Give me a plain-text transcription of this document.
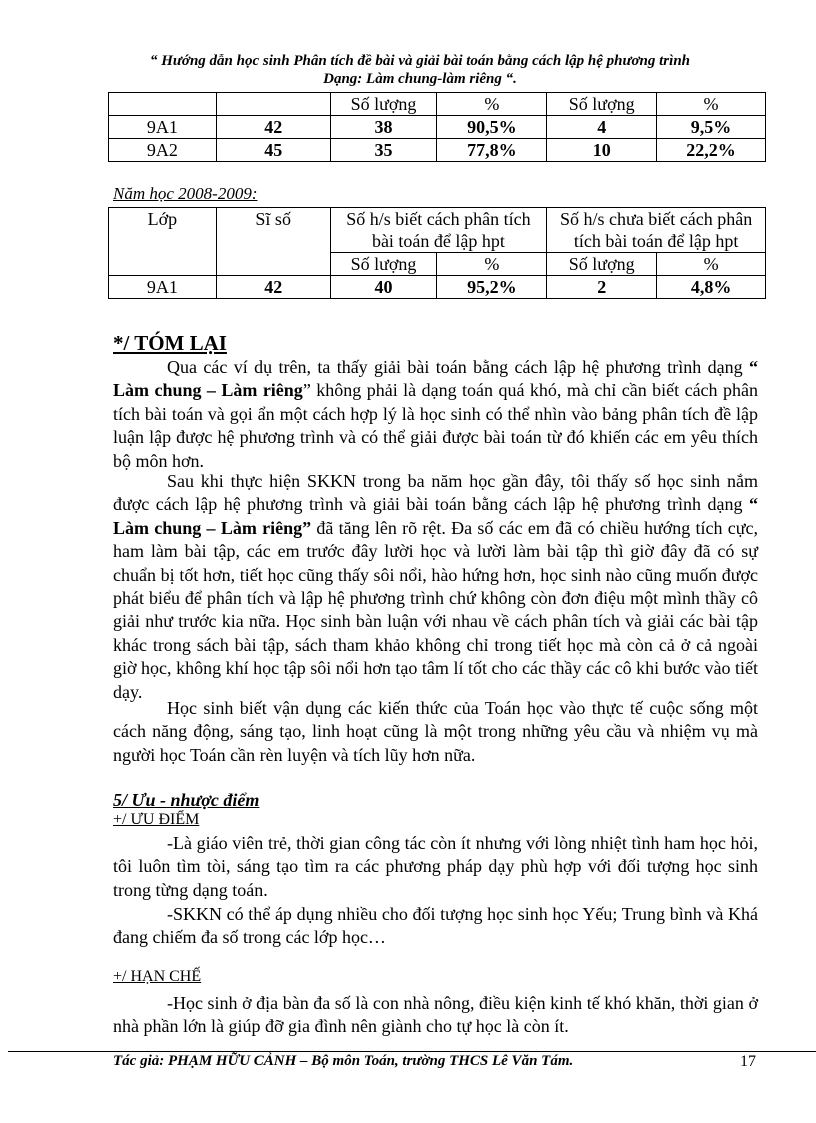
“ Hướng dẫn học sinh Phân tích đề bài và giải bài toán bằng cách lập hệ phương trình
Dạng: Làm chung-làm riêng “.
		Số lượng	%	Số lượng	%
9A1	42	38	90,5%	4	9,5%
9A2	45	35	77,8%	10	22,2%
Năm học 2008-2009:
Lớp	Sĩ số	Số h/s biết cách phân tích bài toán để lập hpt		Số h/s chưa biết cách phân tích bài toán để lập hpt	
		Số lượng	%	Số lượng	%
9A1	42	40	95,2%	2	4,8%
*/ TÓM LẠI

Qua các ví dụ trên, ta thấy giải bài toán bằng cách lập hệ phương trình dạng “ Làm chung – Làm riêng” không phải là dạng toán quá khó, mà chỉ cần biết cách phân tích bài toán và gọi ẩn một cách hợp lý là học sinh có thể nhìn vào bảng phân tích đề lập luận lập được hệ phương trình và có thể giải được bài toán từ đó khiến các em yêu thích bộ môn hơn.

Sau khi thực hiện SKKN trong ba năm học gần đây, tôi thấy số học sinh nắm được cách lập hệ phương trình và giải bài toán bằng cách lập hệ phương trình dạng “ Làm chung – Làm riêng” đã tăng lên rõ rệt. Đa số các em đã có chiều hướng tích cực, ham làm bài tập, các em trước đây lười học và lười làm bài tập thì giờ đây đã có sự chuẩn bị tốt hơn, tiết học cũng thấy sôi nổi, hào hứng hơn, học sinh nào cũng muốn được phát biểu để phân tích và lập hệ phương trình chứ không còn đơn điệu một mình thầy cô giải như trước kia nữa. Học sinh bàn luận với nhau về cách phân tích và giải các bài tập khác trong sách bài tập, sách tham khảo không chỉ trong tiết học mà còn cả ở cả ngoài giờ học, không khí học tập sôi nổi hơn tạo tâm lí tốt cho các thầy các cô khi bước vào tiết dạy.

Học sinh biết vận dụng các kiến thức của Toán học vào thực tế cuộc sống một cách năng động, sáng tạo, linh hoạt cũng là một trong những yêu cầu và nhiệm vụ mà người học Toán cần rèn luyện và tích lũy hơn nữa.

5/ Ưu - nhược điểm
+/ ƯU ĐIỂM

-Là giáo viên trẻ, thời gian công tác còn ít nhưng với lòng nhiệt tình ham học hỏi, tôi luôn tìm tòi, sáng tạo tìm ra các phương pháp dạy phù hợp với đối tượng học sinh trong từng dạng toán.

-SKKN có thể áp dụng nhiều cho đối tượng học sinh học Yếu; Trung bình và Khá đang chiếm đa số trong các lớp học…

+/ HẠN CHẾ

-Học sinh ở địa bàn đa số là con nhà nông, điều kiện kinh tế khó khăn, thời gian ở nhà phần lớn là giúp đỡ gia đình nên giành cho tự học là còn ít.

Tác giả: PHẠM HỮU CẢNH – Bộ môn Toán, trường THCS Lê Văn Tám.	17
